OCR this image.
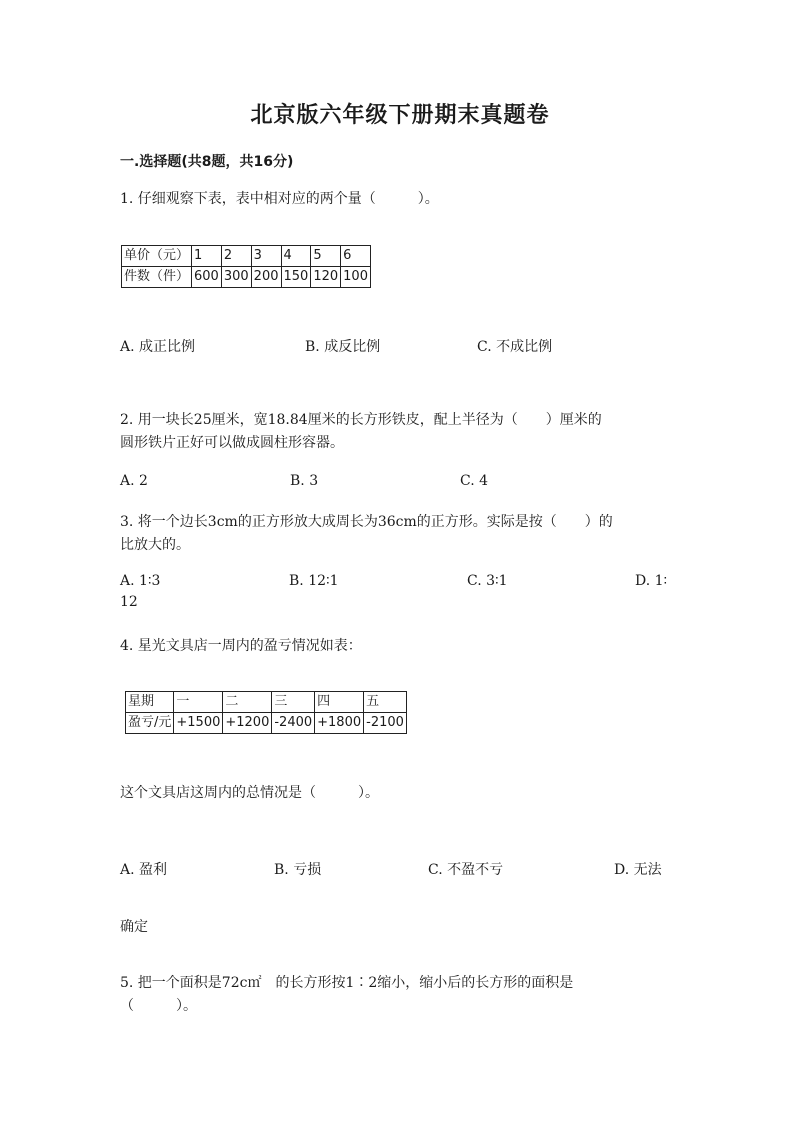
北京版六年级下册期末真题卷
一.选择题(共8题，共16分)
1. 仔细观察下表，表中相对应的两个量（　　　）。
单价（元）	1	2	3	4	5	6
件数（件）	600	300	200	150	120	100
A. 成正比例	B. 成反比例	C. 不成比例
2. 用一块长25厘米，宽18.84厘米的长方形铁皮，配上半径为（　　）厘米的
圆形铁片正好可以做成圆柱形容器。
A. 2	B. 3	C. 4
3. 将一个边长3cm的正方形放大成周长为36cm的正方形。实际是按（　　）的
比放大的。
A. 1∶3	B. 12∶1	C. 3∶1	D. 1∶
12
4. 星光文具店一周内的盈亏情况如表：
星期	一	二	三	四	五
盈亏/元	+1500	+1200	-2400	+1800	-2100
这个文具店这周内的总情况是（　　　）。
A. 盈利	B. 亏损	C. 不盈不亏	D. 无法
确定
5. 把一个面积是72c㎡　的长方形按1∶2缩小，缩小后的长方形的面积是
（　　　）。
